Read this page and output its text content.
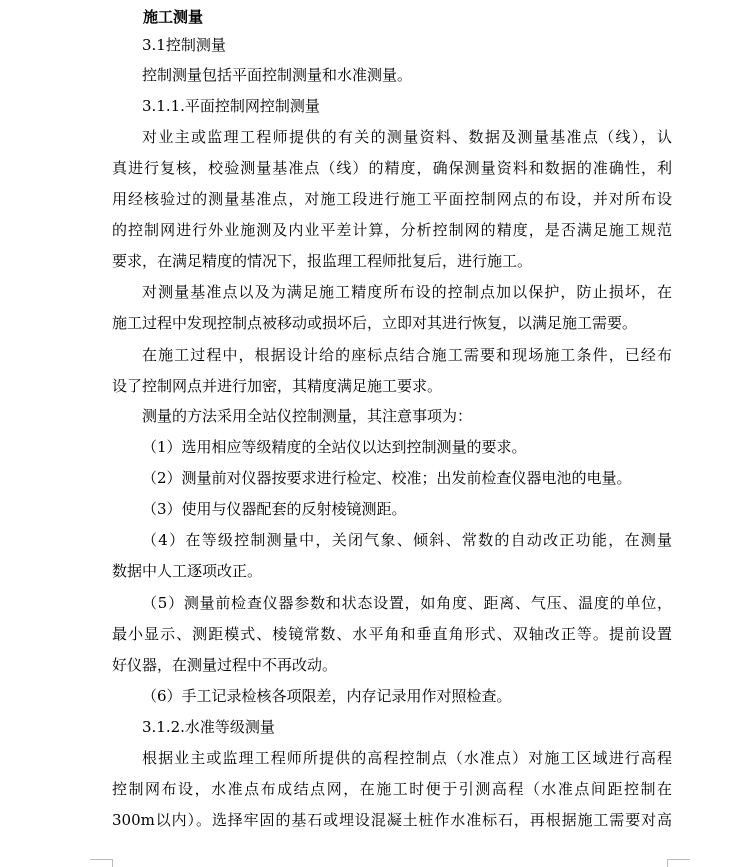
施工测量
3.1控制测量
控制测量包括平面控制测量和水准测量。
3.1.1.平面控制网控制测量
对业主或监理工程师提供的有关的测量资料、数据及测量基准点（线），认
真进行复核，校验测量基准点（线）的精度，确保测量资料和数据的准确性，利
用经核验过的测量基准点，对施工段进行施工平面控制网点的布设，并对所布设
的控制网进行外业施测及内业平差计算，分析控制网的精度，是否满足施工规范
要求，在满足精度的情况下，报监理工程师批复后，进行施工。
对测量基准点以及为满足施工精度所布设的控制点加以保护，防止损坏，在
施工过程中发现控制点被移动或损坏后，立即对其进行恢复，以满足施工需要。
在施工过程中，根据设计给的座标点结合施工需要和现场施工条件，已经布
设了控制网点并进行加密，其精度满足施工要求。
测量的方法采用全站仪控制测量，其注意事项为：
（1）选用相应等级精度的全站仪以达到控制测量的要求。
（2）测量前对仪器按要求进行检定、校准；出发前检查仪器电池的电量。
（3）使用与仪器配套的反射棱镜测距。
（4）在等级控制测量中，关闭气象、倾斜、常数的自动改正功能，在测量
数据中人工逐项改正。
（5）测量前检查仪器参数和状态设置，如角度、距离、气压、温度的单位，
最小显示、测距模式、棱镜常数、水平角和垂直角形式、双轴改正等。提前设置
好仪器，在测量过程中不再改动。
（6）手工记录检核各项限差，内存记录用作对照检查。
3.1.2.水准等级测量
根据业主或监理工程师所提供的高程控制点（水准点）对施工区域进行高程
控制网布设，水准点布成结点网，在施工时便于引测高程（水准点间距控制在
300m以内）。选择牢固的基石或埋设混凝土桩作水准标石，再根据施工需要对高
